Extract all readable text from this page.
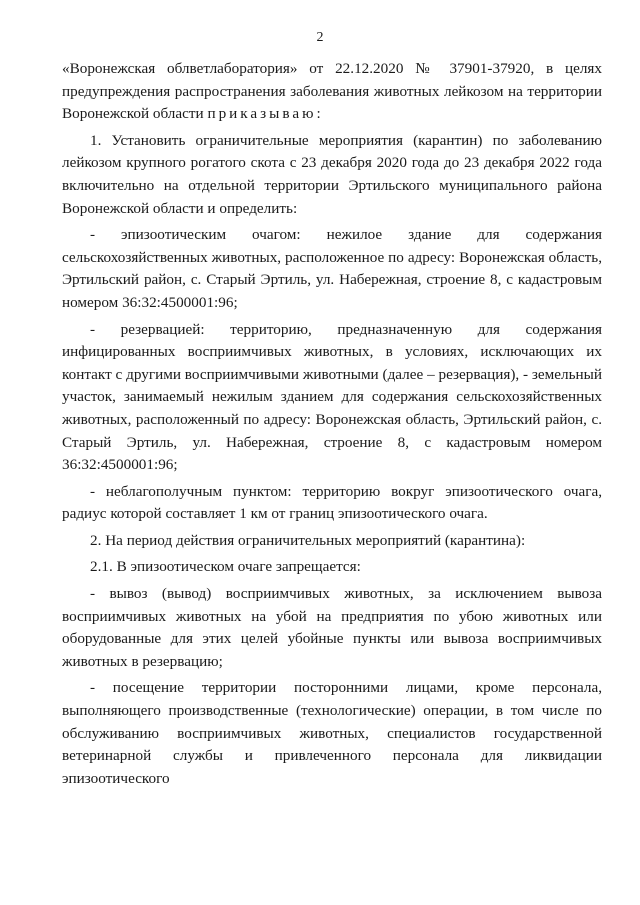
2

«Воронежская облветлаборатория» от 22.12.2020 № 37901-37920, в целях предупреждения распространения заболевания животных лейкозом на территории Воронежской области приказываю:

1. Установить ограничительные мероприятия (карантин) по заболеванию лейкозом крупного рогатого скота с 23 декабря 2020 года до 23 декабря 2022 года включительно на отдельной территории Эртильского муниципального района Воронежской области и определить:

- эпизоотическим очагом: нежилое здание для содержания сельскохозяйственных животных, расположенное по адресу: Воронежская область, Эртильский район, с. Старый Эртиль, ул. Набережная, строение 8, с кадастровым номером 36:32:4500001:96;

- резервацией: территорию, предназначенную для содержания инфицированных восприимчивых животных, в условиях, исключающих их контакт с другими восприимчивыми животными (далее – резервация), - земельный участок, занимаемый нежилым зданием для содержания сельскохозяйственных животных, расположенный по адресу: Воронежская область, Эртильский район, с. Старый Эртиль, ул. Набережная, строение 8, с кадастровым номером 36:32:4500001:96;

- неблагополучным пунктом: территорию вокруг эпизоотического очага, радиус которой составляет 1 км от границ эпизоотического очага.

2. На период действия ограничительных мероприятий (карантина):

2.1. В эпизоотическом очаге запрещается:

- вывоз (вывод) восприимчивых животных, за исключением вывоза восприимчивых животных на убой на предприятия по убою животных или оборудованные для этих целей убойные пункты или вывоза восприимчивых животных в резервацию;

- посещение территории посторонними лицами, кроме персонала, выполняющего производственные (технологические) операции, в том числе по обслуживанию восприимчивых животных, специалистов государственной ветеринарной службы и привлеченного персонала для ликвидации эпизоотического
